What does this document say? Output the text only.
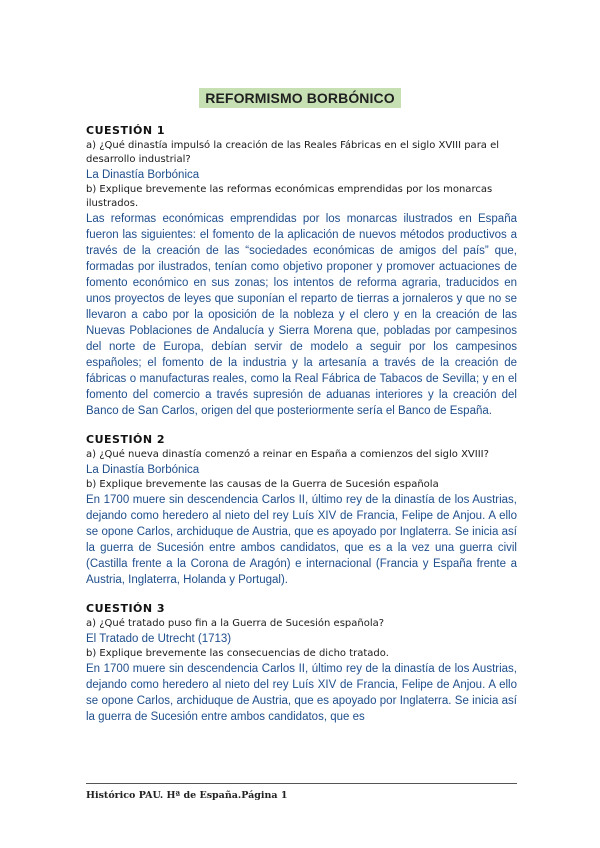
REFORMISMO BORBÓNICO

CUESTIÓN 1

a) ¿Qué dinastía impulsó la creación de las Reales Fábricas en el siglo XVIII para el desarrollo industrial?

La Dinastía Borbónica

b) Explique brevemente las reformas económicas emprendidas por los monarcas ilustrados.

Las reformas económicas emprendidas por los monarcas ilustrados en España fueron las siguientes: el fomento de la aplicación de nuevos métodos productivos a través de la creación de las “sociedades económicas de amigos del país” que, formadas por ilustrados, tenían como objetivo proponer y promover actuaciones de fomento económico en sus zonas; los intentos de reforma agraria, traducidos en unos proyectos de leyes que suponían el reparto de tierras a jornaleros y que no se llevaron a cabo por la oposición de la nobleza y el clero y en la creación de las Nuevas Poblaciones de Andalucía y Sierra Morena que, pobladas por campesinos del norte de Europa, debían servir de modelo a seguir por los campesinos españoles; el fomento de la industria y la artesanía a través de la creación de fábricas o manufacturas reales, como la Real Fábrica de Tabacos de Sevilla; y en el fomento del comercio a través supresión de aduanas interiores y la creación del Banco de San Carlos, origen del que posteriormente sería el Banco de España.

CUESTIÓN 2

a) ¿Qué nueva dinastía comenzó a reinar en España a comienzos del siglo XVIII?

La Dinastía Borbónica

b) Explique brevemente las causas de la Guerra de Sucesión española

En 1700 muere sin descendencia Carlos II, último rey de la dinastía de los Austrias, dejando como heredero al nieto del rey Luís XIV de Francia, Felipe de Anjou. A ello se opone Carlos, archiduque de Austria, que es apoyado por Inglaterra. Se inicia así la guerra de Sucesión entre ambos candidatos, que es a la vez una guerra civil (Castilla frente a la Corona de Aragón) e internacional (Francia y España frente a Austria, Inglaterra, Holanda y Portugal).

CUESTIÓN 3

a) ¿Qué tratado puso fin a la Guerra de Sucesión española?

El Tratado de Utrecht (1713)

b) Explique brevemente las consecuencias de dicho tratado.

En 1700 muere sin descendencia Carlos II, último rey de la dinastía de los Austrias, dejando como heredero al nieto del rey Luís XIV de Francia, Felipe de Anjou. A ello se opone Carlos, archiduque de Austria, que es apoyado por Inglaterra. Se inicia así la guerra de Sucesión entre ambos candidatos, que es

Histórico PAU. Hª de España.Página 1
